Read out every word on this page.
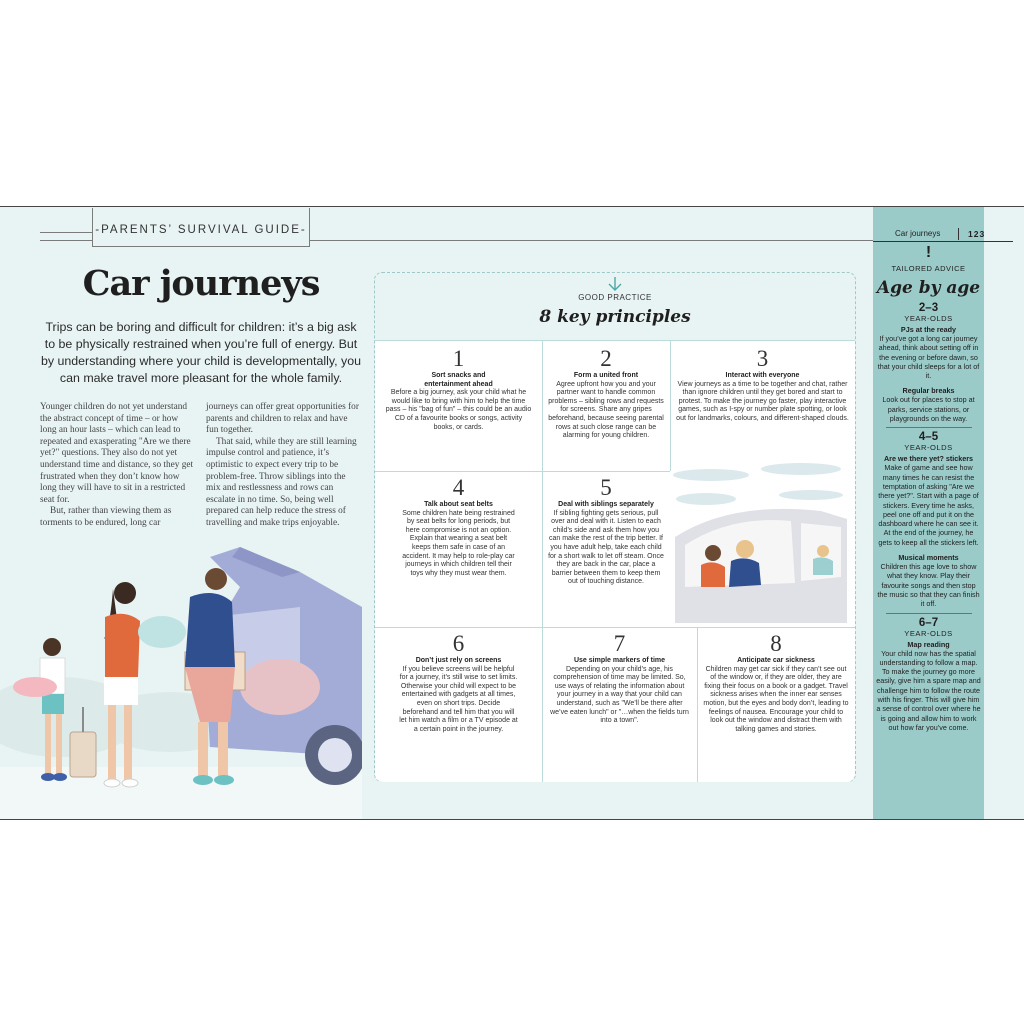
-PARENTS’ SURVIVAL GUIDE-
Car journeys
Trips can be boring and difficult for children: it’s a big ask to be physically restrained when you’re full of energy. But by understanding where your child is developmentally, you can make travel more pleasant for the whole family.

Younger children do not yet understand the abstract concept of time – or how long an hour lasts – which can lead to repeated and exasperating "Are we there yet?" questions. They also do not yet understand time and distance, so they get frustrated when they don’t know how long they will have to sit in a restricted seat for.

But, rather than viewing them as torments to be endured, long car

journeys can offer great opportunities for parents and children to relax and have fun together.

That said, while they are still learning impulse control and patience, it’s optimistic to expect every trip to be problem-free. Throw siblings into the mix and restlessness and rows can escalate in no time. So, being well prepared can help reduce the stress of travelling and make trips enjoyable.

GOOD PRACTICE
8 key principles
1
Sort snacks and entertainment ahead
Before a big journey, ask your child what he would like to bring with him to help the time pass – his "bag of fun" – this could be an audio CD of a favourite books or songs, activity books, or cards.
2
Form a united front
Agree upfront how you and your partner want to handle common problems – sibling rows and requests for screens. Share any gripes beforehand, because seeing parental rows at such close range can be alarming for young children.
3
Interact with everyone
View journeys as a time to be together and chat, rather than ignore children until they get bored and start to protest. To make the journey go faster, play interactive games, such as I-spy or number plate spotting, or look out for landmarks, colours, and different-shaped clouds.
4
Talk about seat belts
Some children hate being restrained by seat belts for long periods, but here compromise is not an option. Explain that wearing a seat belt keeps them safe in case of an accident. It may help to role-play car journeys in which children tell their toys why they must wear them.
5
Deal with siblings separately
If sibling fighting gets serious, pull over and deal with it. Listen to each child’s side and ask them how you can make the rest of the trip better. If you have adult help, take each child for a short walk to let off steam. Once they are back in the car, place a barrier between them to keep them out of touching distance.
6
Don’t just rely on screens
If you believe screens will be helpful for a journey, it’s still wise to set limits. Otherwise your child will expect to be entertained with gadgets at all times, even on short trips. Decide beforehand and tell him that you will let him watch a film or a TV episode at a certain point in the journey.
7
Use simple markers of time
Depending on your child’s age, his comprehension of time may be limited. So, use ways of relating the information about your journey in a way that your child can understand, such as "We’ll be there after we’ve eaten lunch" or "…when the fields turn into a town".
8
Anticipate car sickness
Children may get car sick if they can’t see out of the window or, if they are older, they are fixing their focus on a book or a gadget. Travel sickness arises when the inner ear senses motion, but the eyes and body don’t, leading to feelings of nausea. Encourage your child to look out the window and distract them with talking games and stories.
Car journeys	123
!
TAILORED ADVICE
Age by age
2–3
YEAR-OLDS
PJs at the ready
If you’ve got a long car journey ahead, think about setting off in the evening or before dawn, so that your child sleeps for a lot of it.
Regular breaks
Look out for places to stop at parks, service stations, or playgrounds on the way.
4–5
YEAR-OLDS
Are we there yet? stickers
Make of game and see how many times he can resist the temptation of asking "Are we there yet?". Start with a page of stickers. Every time he asks, peel one off and put it on the dashboard where he can see it. At the end of the journey, he gets to keep all the stickers left.
Musical moments
Children this age love to show what they know. Play their favourite songs and then stop the music so that they can finish it off.
6–7
YEAR-OLDS
Map reading
Your child now has the spatial understanding to follow a map. To make the journey go more easily, give him a spare map and challenge him to follow the route with his finger. This will give him a sense of control over where he is going and allow him to work out how far you’ve come.
